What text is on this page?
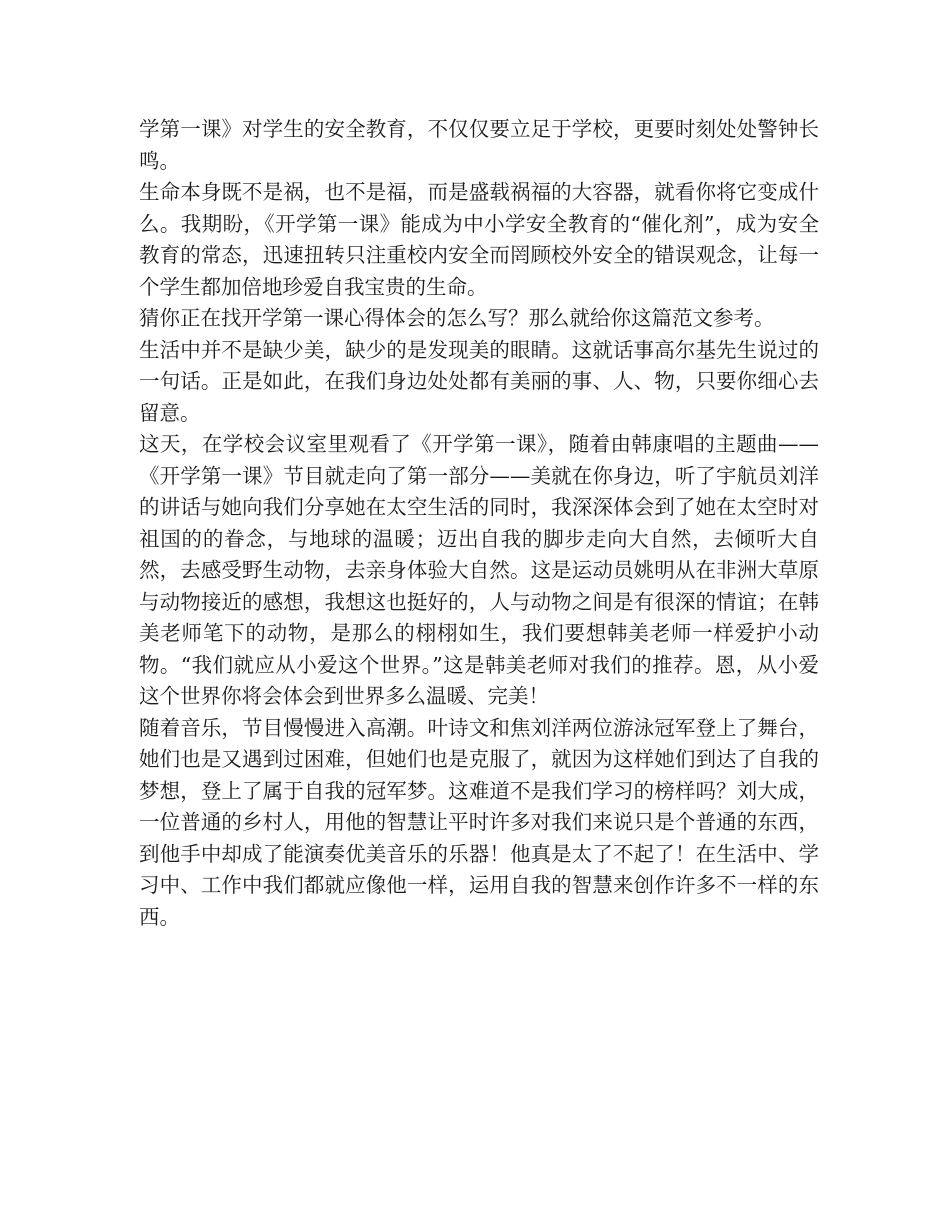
学第一课》对学生的安全教育，不仅仅要立足于学校，更要时刻处处警钟长鸣。

生命本身既不是祸，也不是福，而是盛载祸福的大容器，就看你将它变成什么。我期盼，《开学第一课》能成为中小学安全教育的“催化剂”，成为安全教育的常态，迅速扭转只注重校内安全而罔顾校外安全的错误观念，让每一个学生都加倍地珍爱自我宝贵的生命。

猜你正在找开学第一课心得体会的怎么写？那么就给你这篇范文参考。

生活中并不是缺少美，缺少的是发现美的眼睛。这就话事高尔基先生说过的一句话。正是如此，在我们身边处处都有美丽的事、人、物，只要你细心去留意。

这天，在学校会议室里观看了《开学第一课》，随着由韩康唱的主题曲——《开学第一课》节目就走向了第一部分——美就在你身边，听了宇航员刘洋的讲话与她向我们分享她在太空生活的同时，我深深体会到了她在太空时对祖国的的眷念，与地球的温暖；迈出自我的脚步走向大自然，去倾听大自然，去感受野生动物，去亲身体验大自然。这是运动员姚明从在非洲大草原与动物接近的感想，我想这也挺好的，人与动物之间是有很深的情谊；在韩美老师笔下的动物，是那么的栩栩如生，我们要想韩美老师一样爱护小动物。“我们就应从小爱这个世界。”这是韩美老师对我们的推荐。恩，从小爱这个世界你将会体会到世界多么温暖、完美！

随着音乐，节目慢慢进入高潮。叶诗文和焦刘洋两位游泳冠军登上了舞台，她们也是又遇到过困难，但她们也是克服了，就因为这样她们到达了自我的梦想，登上了属于自我的冠军梦。这难道不是我们学习的榜样吗？刘大成，一位普通的乡村人，用他的智慧让平时许多对我们来说只是个普通的东西，到他手中却成了能演奏优美音乐的乐器！他真是太了不起了！在生活中、学习中、工作中我们都就应像他一样，运用自我的智慧来创作许多不一样的东西。
